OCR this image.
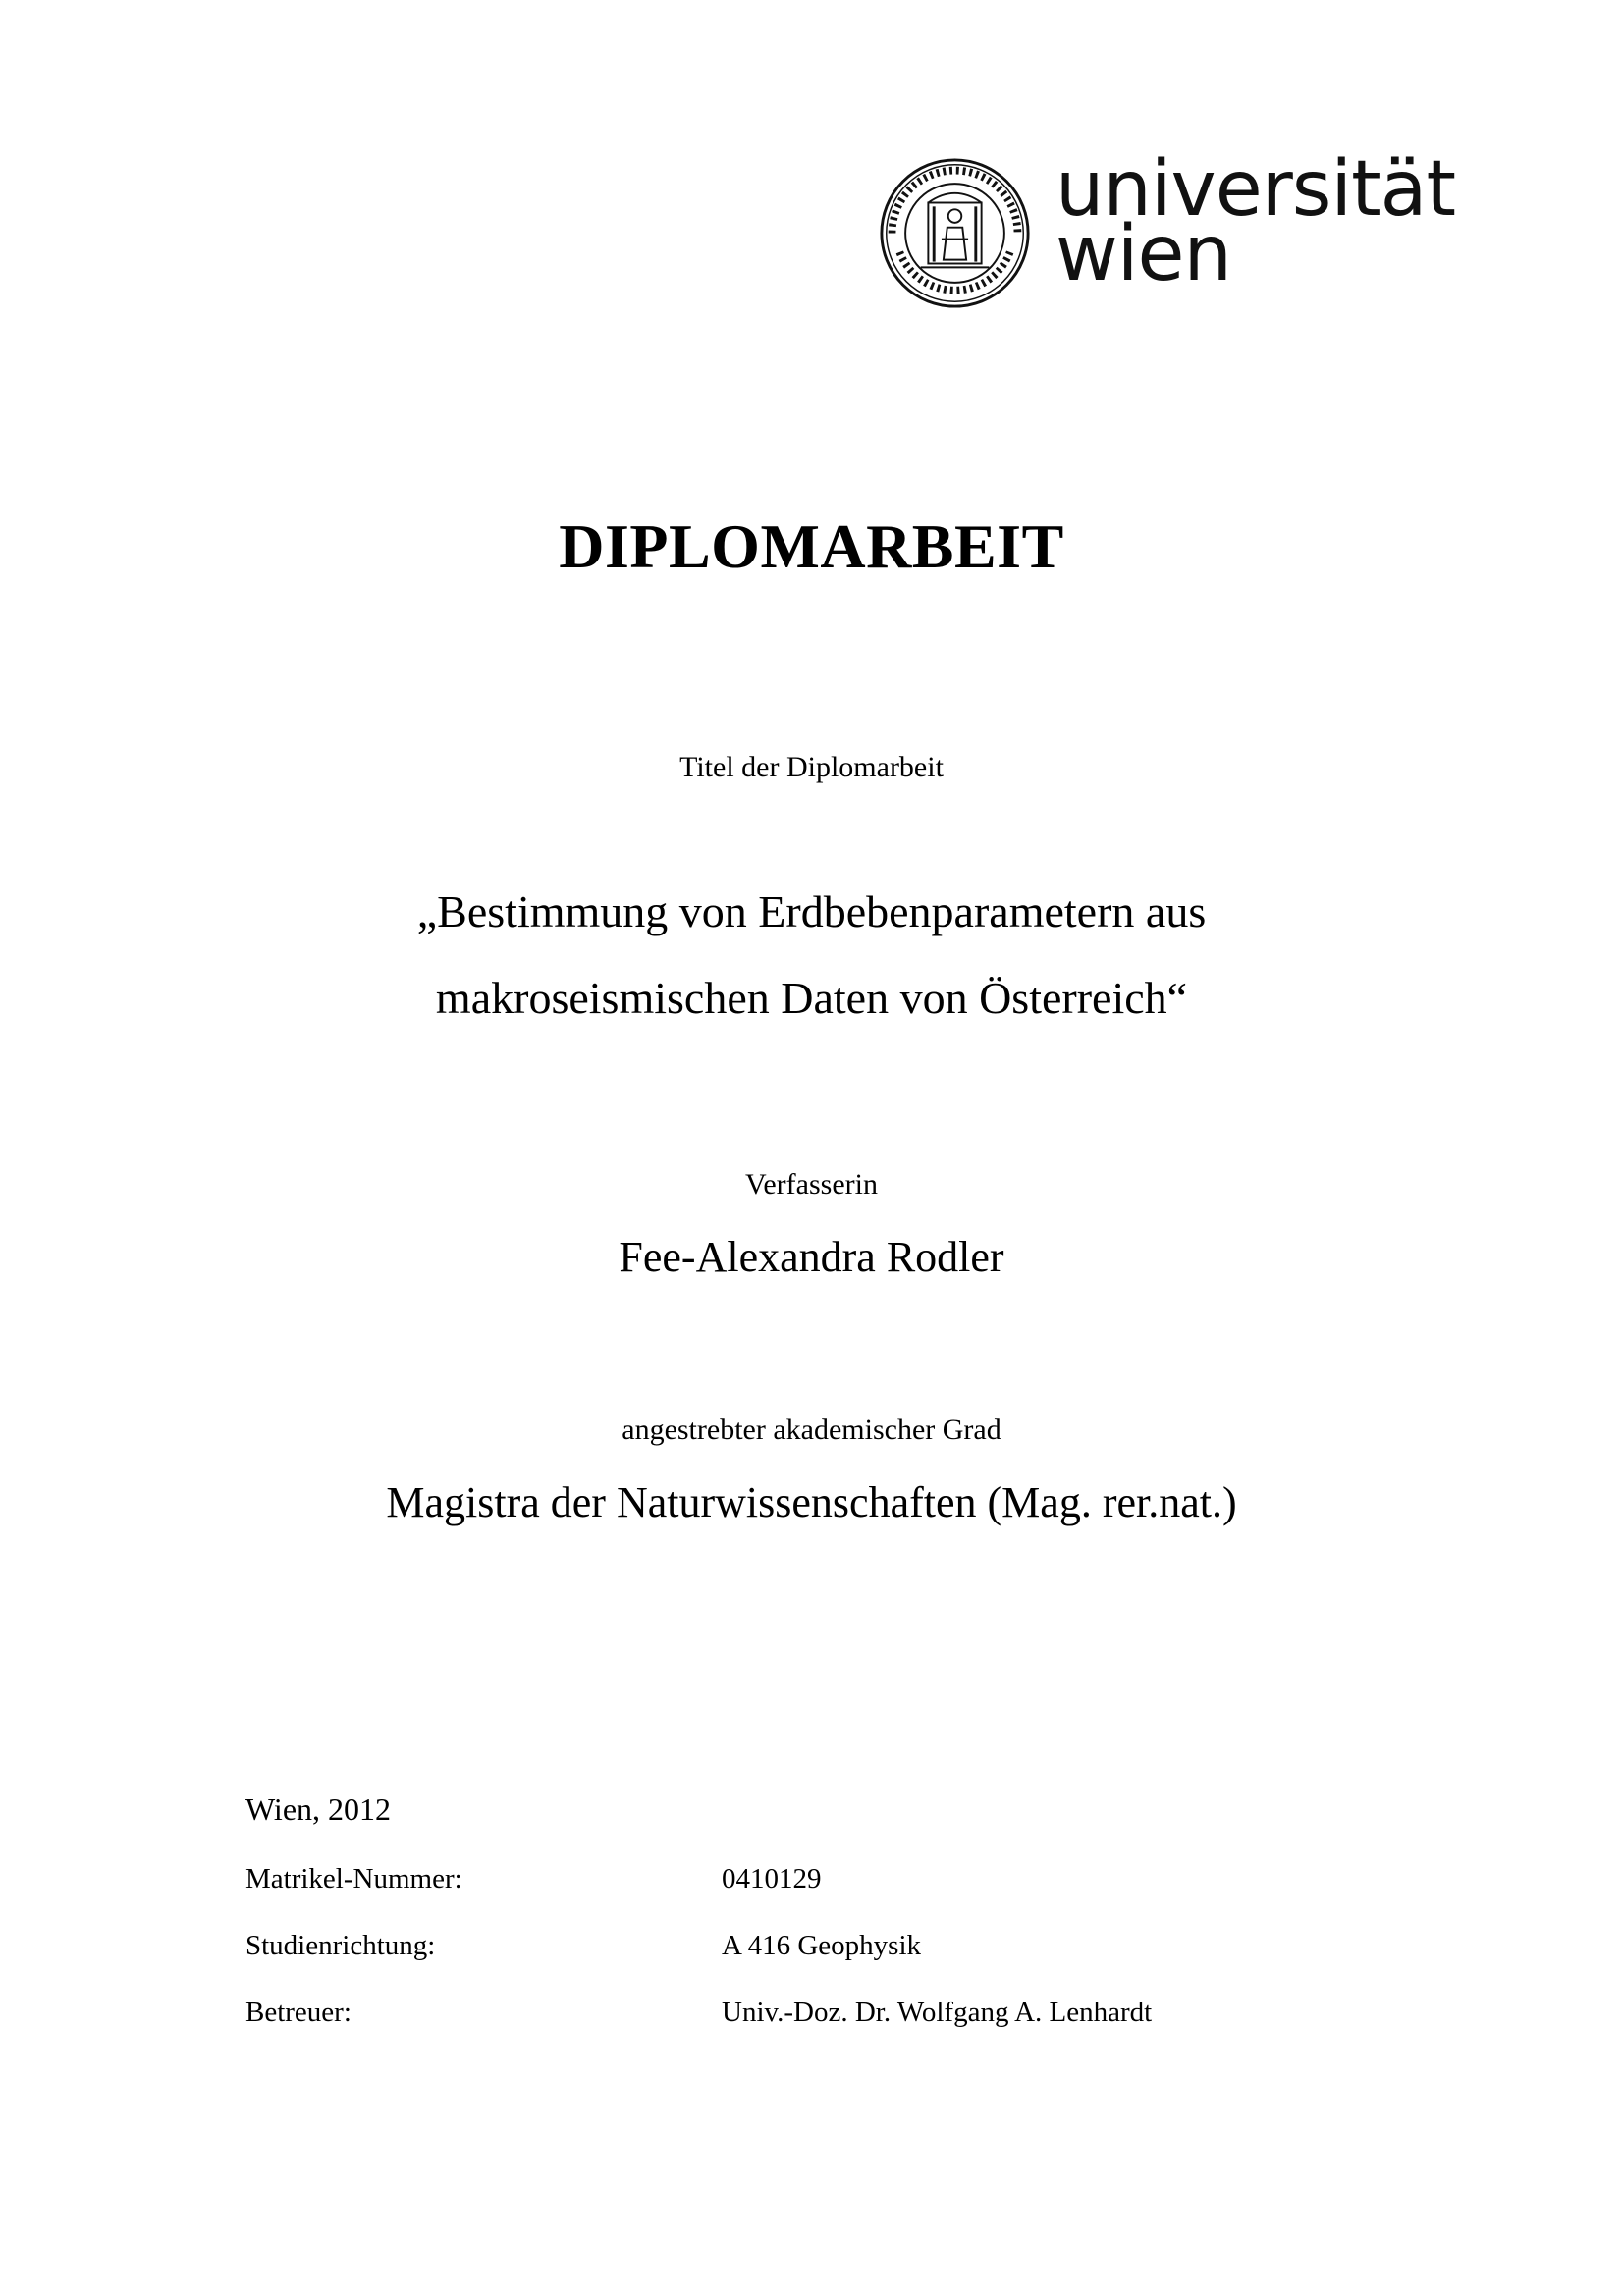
universität
wien
DIPLOMARBEIT
Titel der Diplomarbeit
„Bestimmung von Erdbebenparametern aus
makroseismischen Daten von Österreich“
Verfasserin
Fee-Alexandra Rodler
angestrebter akademischer Grad
Magistra der Naturwissenschaften (Mag. rer.nat.)
Wien, 2012
Matrikel-Nummer:	0410129
Studienrichtung:	A 416 Geophysik
Betreuer:	Univ.-Doz. Dr. Wolfgang A. Lenhardt
